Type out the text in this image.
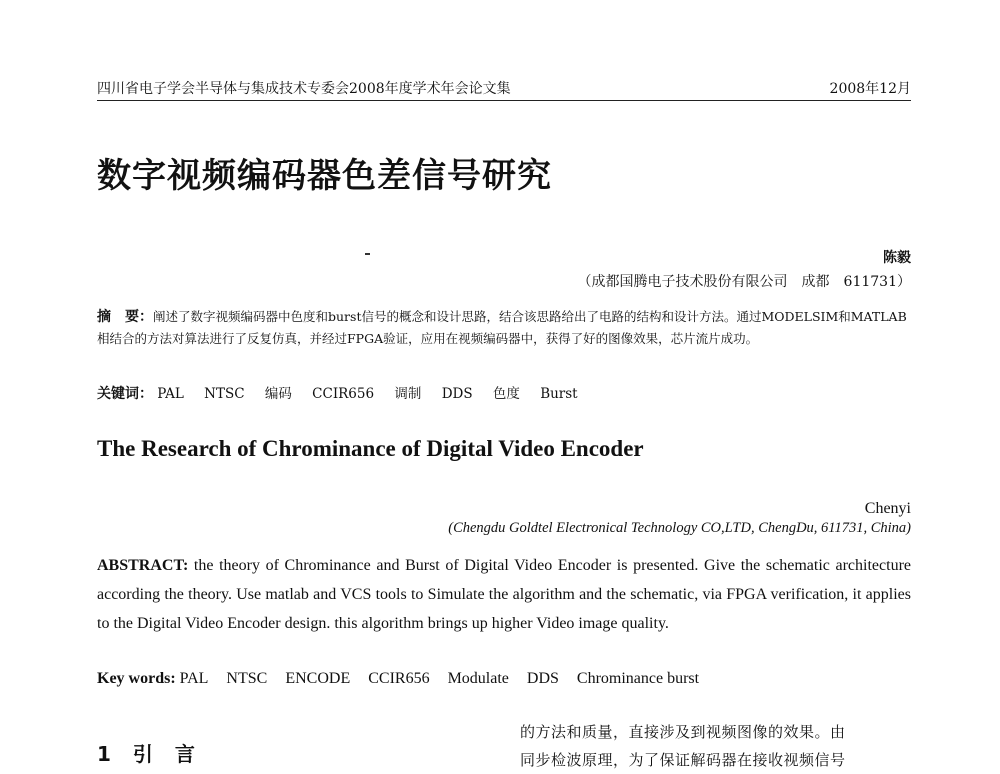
四川省电子学会半导体与集成技术专委会2008年度学术年会论文集	2008年12月
数字视频编码器色差信号研究
陈毅
（成都国腾电子技术股份有限公司　成都　611731）
摘　要：阐述了数字视频编码器中色度和burst信号的概念和设计思路，结合该思路给出了电路的结构和设计方法。通过MODELSIM和MATLAB相结合的方法对算法进行了反复仿真，并经过FPGA验证，应用在视频编码器中，获得了好的图像效果，芯片流片成功。
关键词： PAL NTSC 编码 CCIR656 调制 DDS 色度 Burst
The Research of Chrominance of Digital Video Encoder
Chenyi
(Chengdu Goldtel Electronical Technology CO,LTD, ChengDu, 611731, China)
ABSTRACT: the theory of Chrominance and Burst of Digital Video Encoder is presented. Give the schematic architecture according the theory. Use matlab and VCS tools to Simulate the algorithm and the schematic, via FPGA verification, it applies to the Digital Video Encoder design. this algorithm brings up higher Video image quality.
Key words: PAL NTSC ENCODE CCIR656 Modulate DDS Chrominance burst
1 引 言
的方法和质量，直接涉及到视频图像的效果。由
同步检波原理，为了保证解码器在接收视频信号
